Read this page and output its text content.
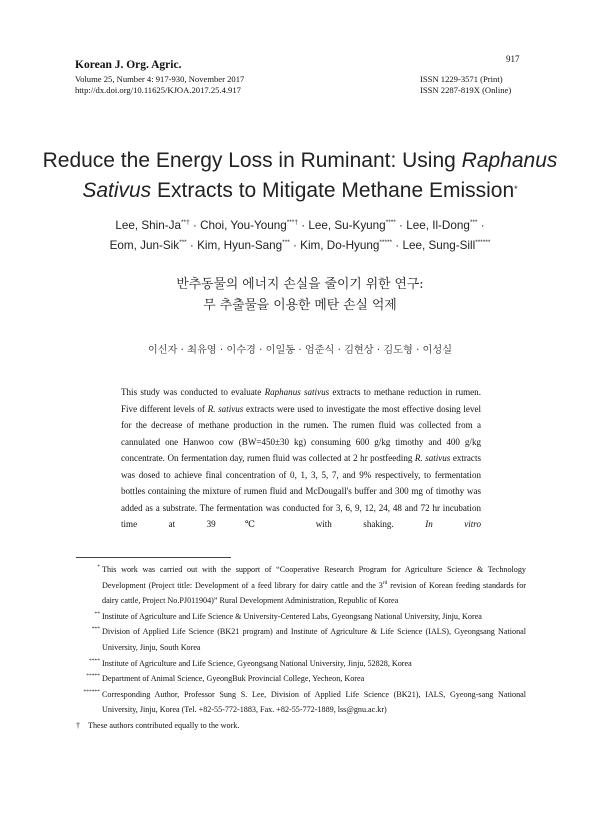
Korean J. Org. Agric.
Volume 25, Number 4: 917-930, November 2017
http://dx.doi.org/10.11625/KJOA.2017.25.4.917
917
ISSN 1229-3571 (Print)
ISSN 2287-819X (Online)
Reduce the Energy Loss in Ruminant: Using Raphanus
Sativus Extracts to Mitigate Methane Emission*
Lee, Shin-Ja**† · Choi, You-Young***† · Lee, Su-Kyung**** · Lee, Il-Dong*** ·
Eom, Jun-Sik*** · Kim, Hyun-Sang*** · Kim, Do-Hyung***** · Lee, Sung-Sill******
반추동물의 에너지 손실을 줄이기 위한 연구:
무 추출물을 이용한 메탄 손실 억제
이신자 · 최유영 · 이수경 · 이일동 · 엄준식 · 김현상 · 김도형 · 이성실
This study was conducted to evaluate Raphanus sativus extracts to methane reduction in rumen. Five different levels of R. sativus extracts were used to investigate the most effective dosing level for the decrease of methane production in the rumen. The rumen fluid was collected from a cannulated one Hanwoo cow (BW=450±30 kg) consuming 600 g/kg timothy and 400 g/kg concentrate. On fermentation day, rumen fluid was collected at 2 hr postfeeding R. sativus extracts was dosed to achieve final concentration of 0, 1, 3, 5, 7, and 9% respectively, to fermentation bottles containing the mixture of rumen fluid and McDougall's buffer and 300 mg of timothy was added as a substrate. The fermentation was conducted for 3, 6, 9, 12, 24, 48 and 72 hr incubation time at 39℃ with shaking. In vitro
* This work was carried out with the support of “Cooperative Research Program for Agriculture Science & Technology Development (Project title: Development of a feed library for dairy cattle and the 3rd revision of Korean feeding standards for dairy cattle, Project No.PJ011904)” Rural Development Administration, Republic of Korea
** Institute of Agriculture and Life Science & University-Centered Labs, Gyeongsang National University, Jinju, Korea
*** Division of Applied Life Science (BK21 program) and Institute of Agriculture & Life Science (IALS), Gyeongsang National University, Jinju, South Korea
**** Institute of Agriculture and Life Science, Gyeongsang National University, Jinju, 52828, Korea
***** Department of Animal Science, GyeongBuk Provincial College, Yecheon, Korea
****** Corresponding Author, Professor Sung S. Lee, Division of Applied Life Science (BK21), IALS, Gyeong-sang National University, Jinju, Korea (Tel. +82-55-772-1883, Fax. +82-55-772-1889, lss@gnu.ac.kr)
† These authors contributed equally to the work.
